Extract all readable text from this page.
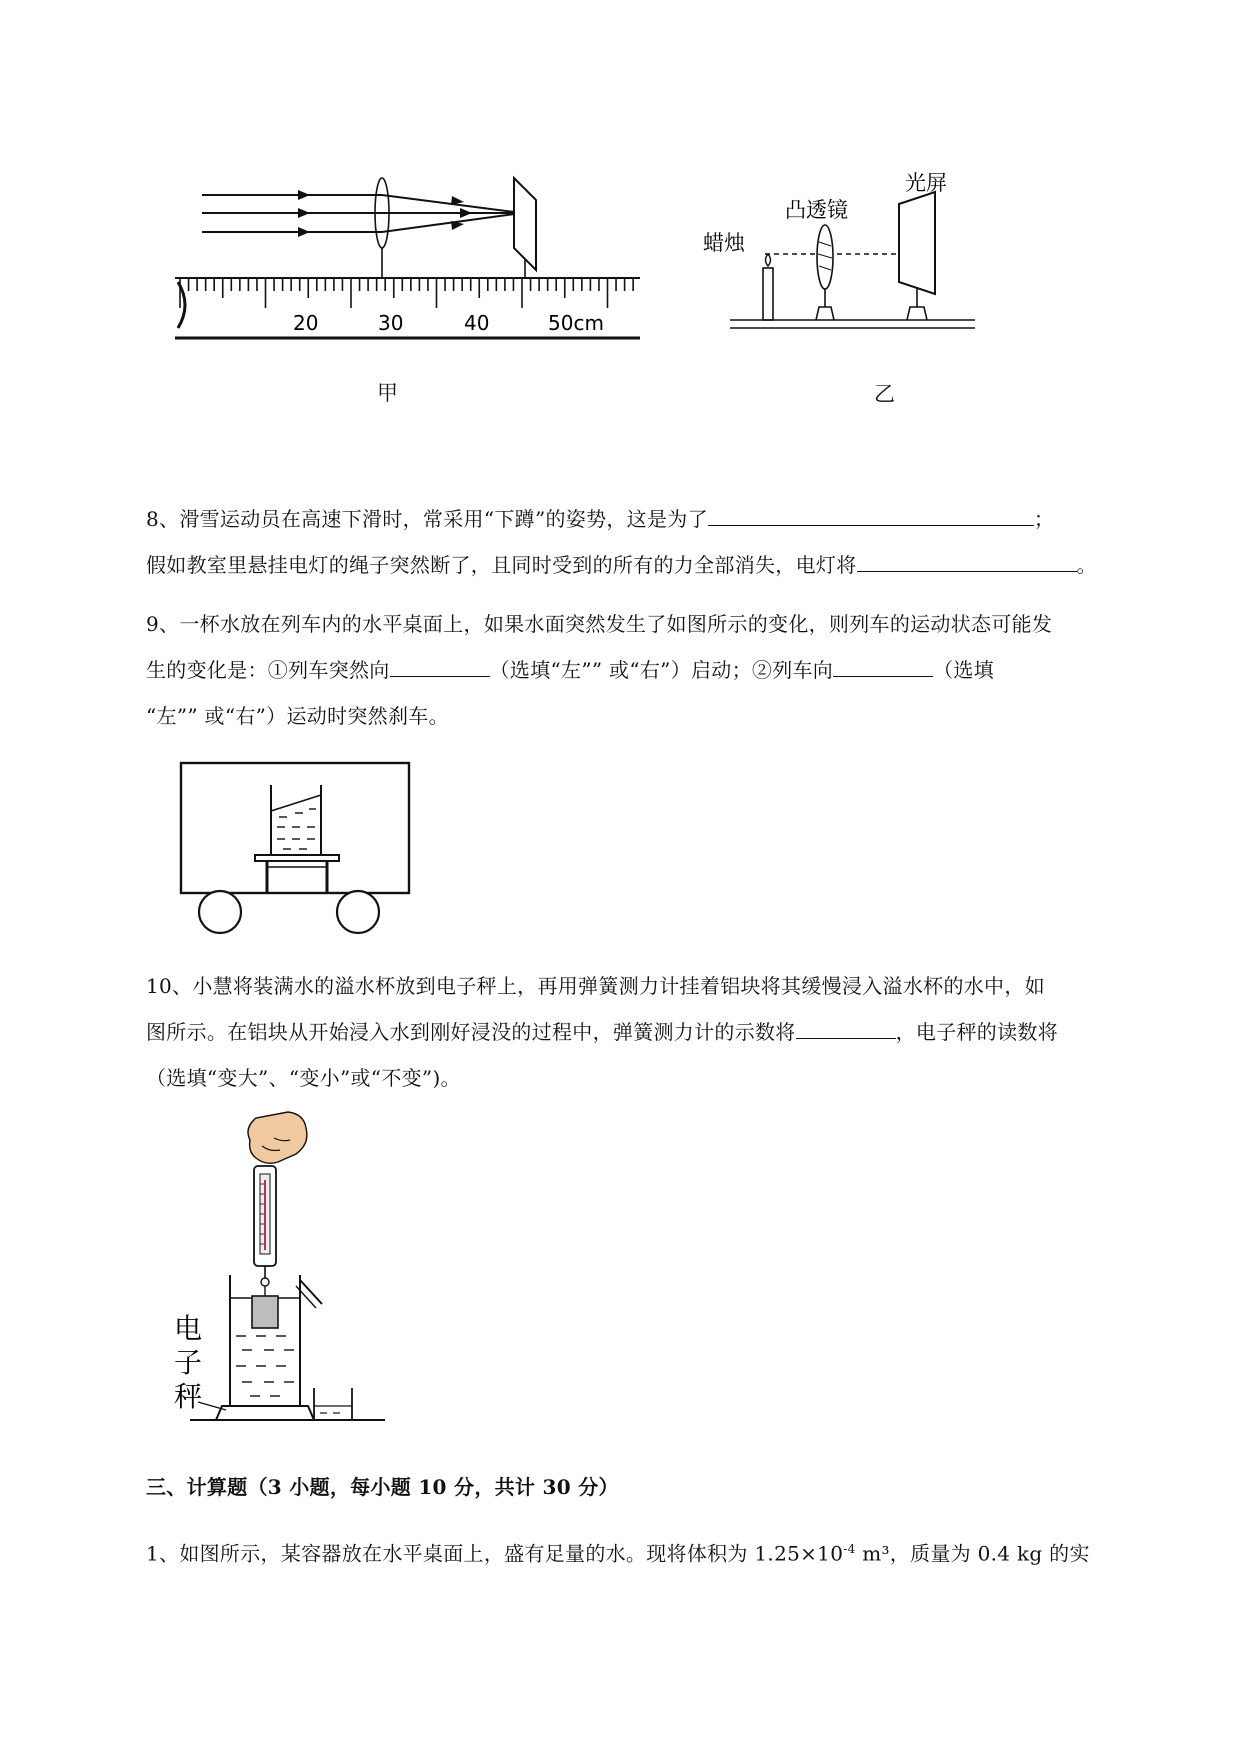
20	30	40	50cm
甲
光屏
凸透镜
蜡烛
乙
8、滑雪运动员在高速下滑时，常采用“下蹲”的姿势，这是为了	；
假如教室里悬挂电灯的绳子突然断了，且同时受到的所有的力全部消失，电灯将	。
9、一杯水放在列车内的水平桌面上，如果水面突然发生了如图所示的变化，则列车的运动状态可能发
生的变化是：①列车突然向	（选填“左”” 或“右”）启动；②列车向	（选填
“左”” 或“右”）运动时突然刹车。
10、小慧将装满水的溢水杯放到电子秤上，再用弹簧测力计挂着铝块将其缓慢浸入溢水杯的水中，如
图所示。在铝块从开始浸入水到刚好浸没的过程中，弹簧测力计的示数将	，电子秤的读数将
（选填“变大”、“变小”或“不变”)。
电
子
秤
三、计算题（3 小题，每小题 10 分，共计 30 分）
1、如图所示，某容器放在水平桌面上，盛有足量的水。现将体积为 $1.25\times 10^{-4}$ m³，质量为 0.4 kg 的实
